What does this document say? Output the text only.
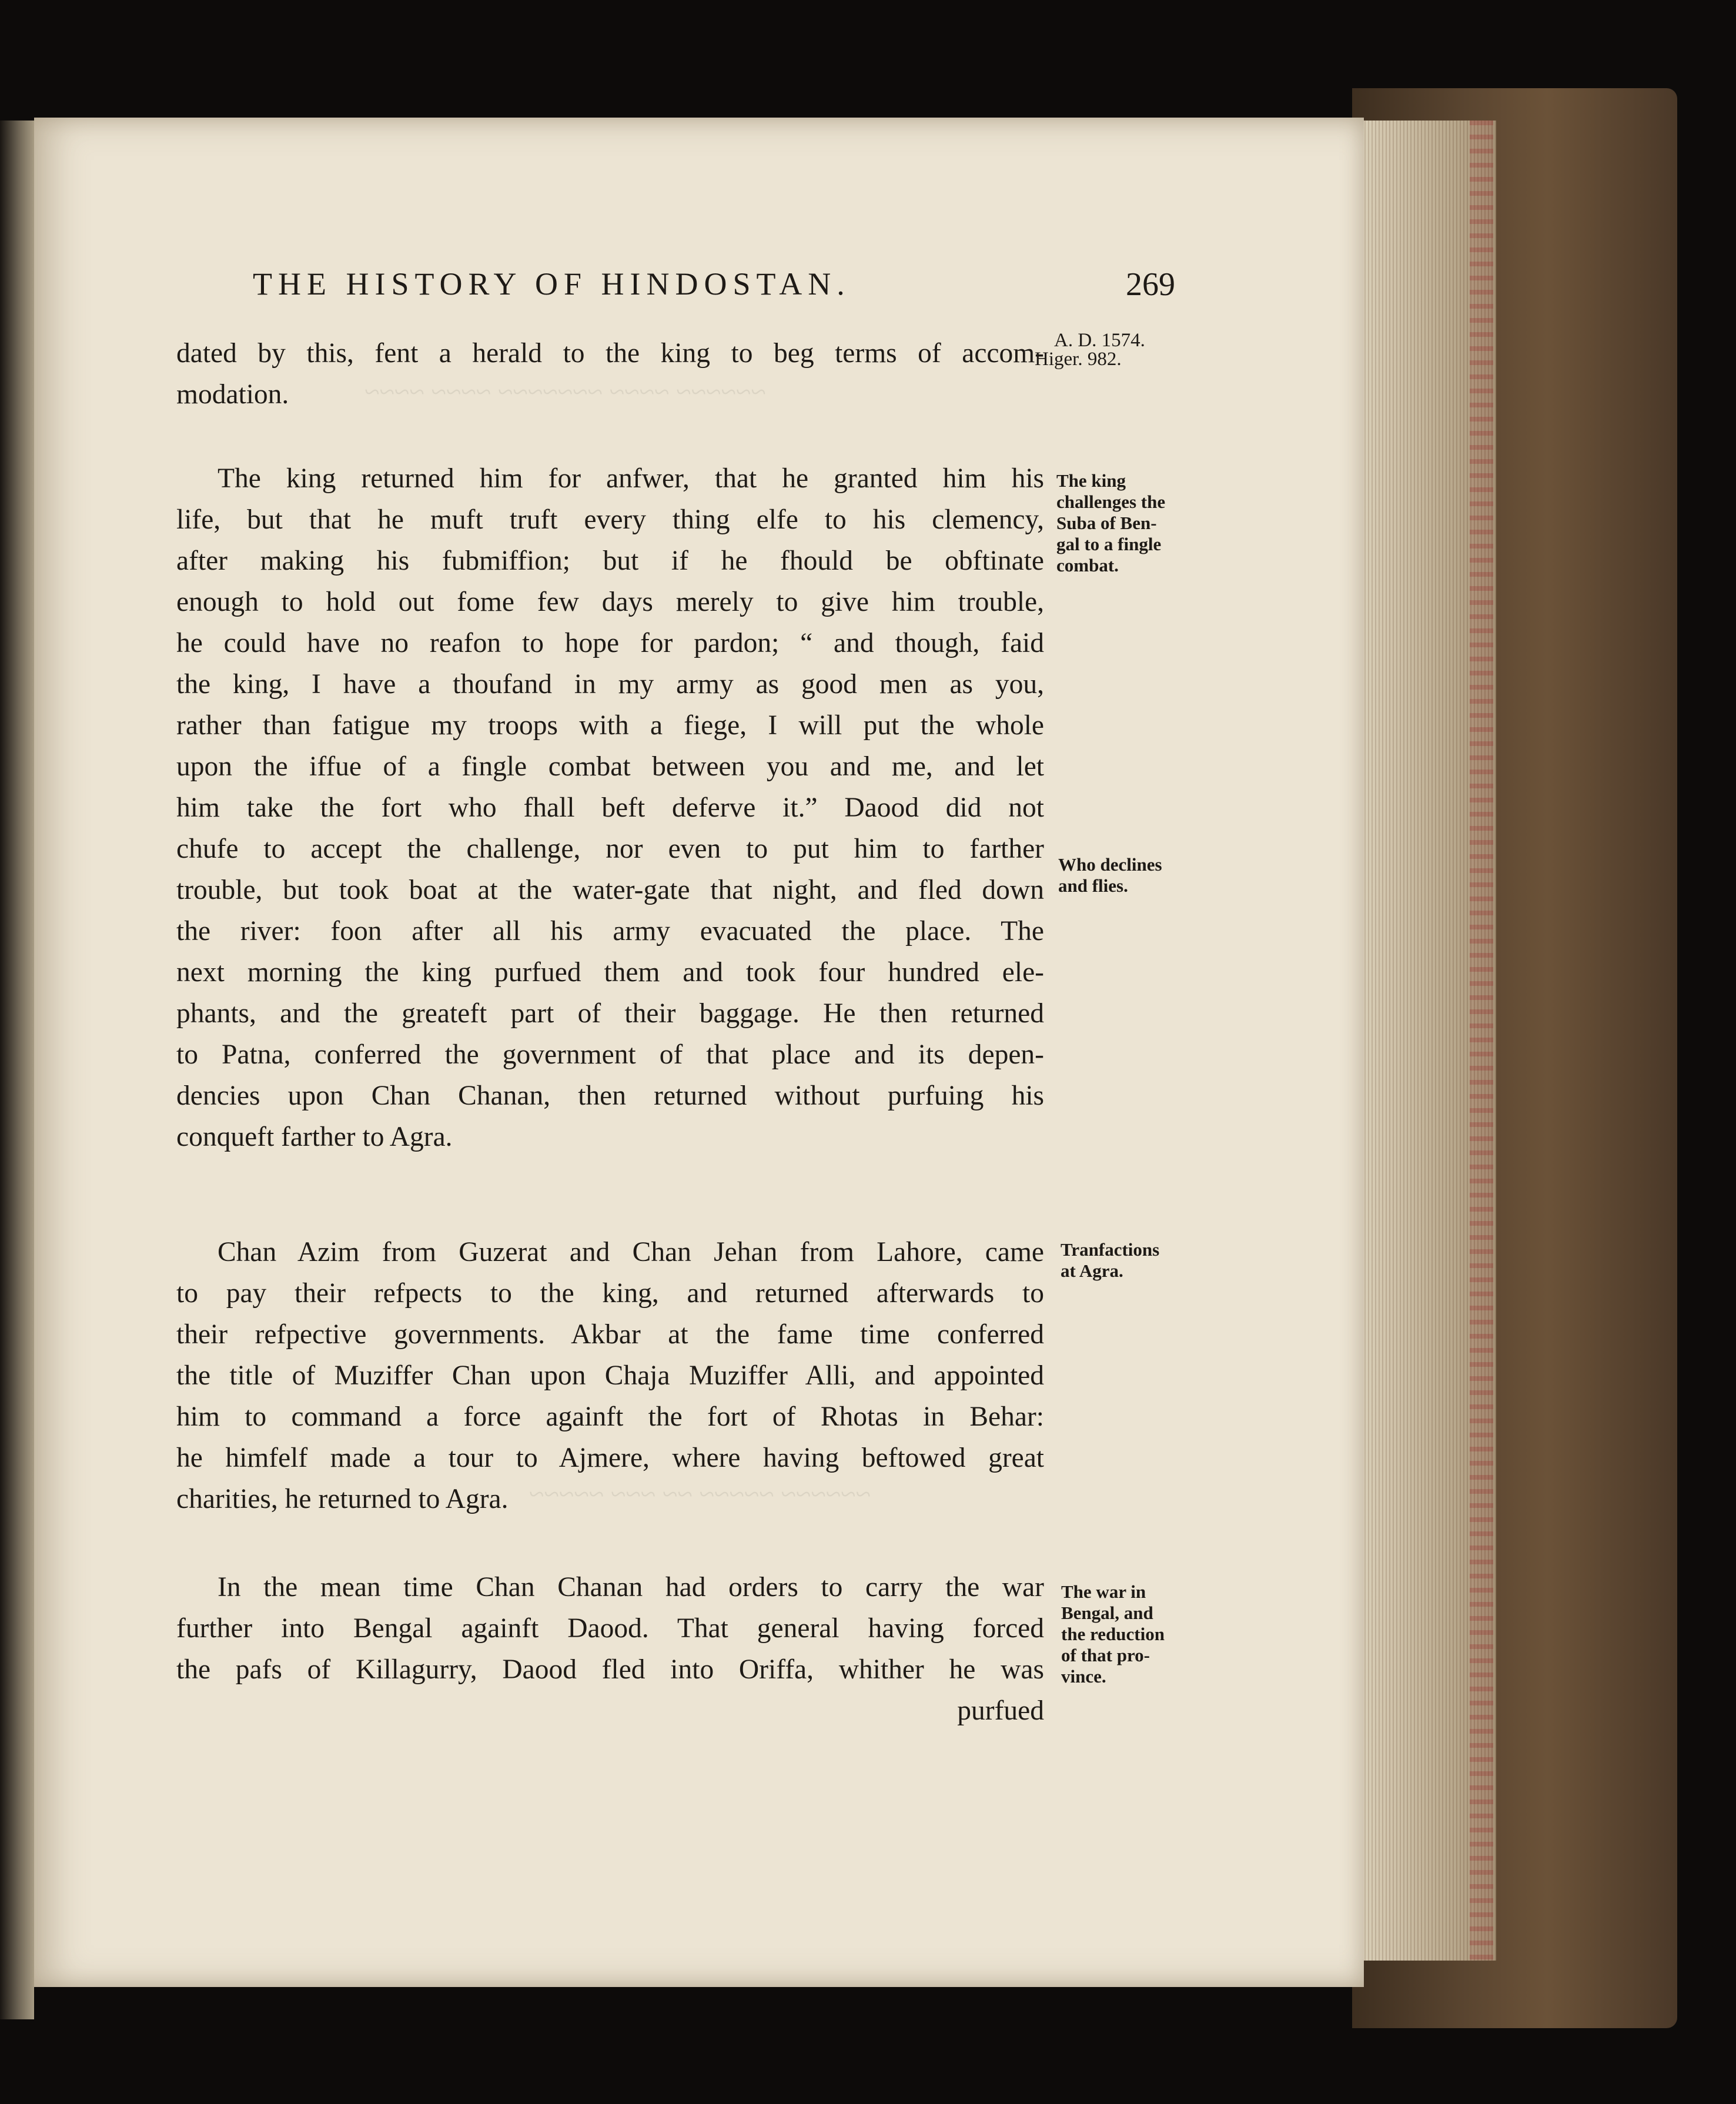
~~~~~~ ~~~~ ~~~~~~~ ~~~~ ~~~~
~~~~~~ ~~~~~ ~~ ~~~ ~~~~~
THE HISTORY OF HINDOSTAN.	269
A. D. 1574.
Higer. 982.
dated by this, fent a herald to the king to beg terms of accom-
modation.
The king returned him for anfwer, that he granted him his
life, but that he muft truft every thing elfe to his clemency,
after making his fubmiffion; but if he fhould be obftinate
enough to hold out fome few days merely to give him trouble,
he could have no reafon to hope for pardon; “ and though, faid
the king, I have a thoufand in my army as good men as you,
rather than fatigue my troops with a fiege, I will put the whole
upon the iffue of a fingle combat between you and me, and let
him take the fort who fhall beft deferve it.” Daood did not
chufe to accept the challenge, nor even to put him to farther
trouble, but took boat at the water-gate that night, and fled down
the river: foon after all his army evacuated the place. The
next morning the king purfued them and took four hundred ele-
phants, and the greateft part of their baggage. He then returned
to Patna, conferred the government of that place and its depen-
dencies upon Chan Chanan, then returned without purfuing his
conqueft farther to Agra.
The king
challenges the
Suba of Ben-
gal to a fingle
combat.
Who declines
and flies.
Chan Azim from Guzerat and Chan Jehan from Lahore, came
to pay their refpects to the king, and returned afterwards to
their refpective governments. Akbar at the fame time conferred
the title of Muziffer Chan upon Chaja Muziffer Alli, and appointed
him to command a force againft the fort of Rhotas in Behar:
he himfelf made a tour to Ajmere, where having beftowed great
charities, he returned to Agra.
Tranfactions
at Agra.
In the mean time Chan Chanan had orders to carry the war
further into Bengal againft Daood. That general having forced
the pafs of Killagurry, Daood fled into Oriffa, whither he was
purfued
The war in
Bengal, and
the reduction
of that pro-
vince.
